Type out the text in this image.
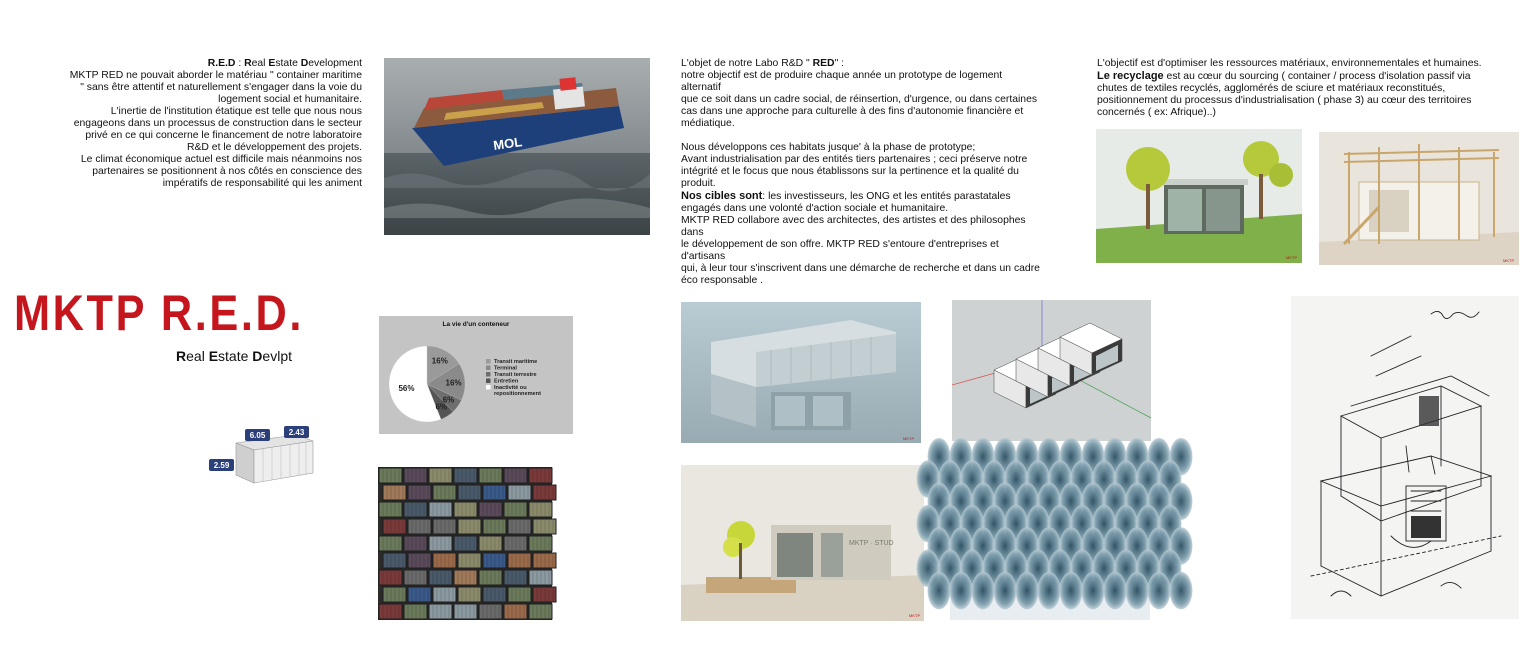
R.E.D : Real Estate Development
MKTP RED ne pouvait aborder le matériau " container maritime
" sans être attentif et naturellement s'engager dans la voie du
logement social et humanitaire.
L'inertie de l'institution étatique est telle que nous nous
engageons dans un processus de construction dans le secteur
privé en ce qui concerne le financement de notre laboratoire
R&D et le développement des projets.
Le climat économique actuel est difficile mais néanmoins nos
partenaires se positionnent à nos côtés en conscience des
impératifs de responsabilité qui les animent
L'objet de notre Labo R&D " RED" :
notre objectif est de produire chaque année un prototype de logement alternatif
que ce soit dans un cadre social, de réinsertion, d'urgence, ou dans certaines
cas dans une approche para culturelle à des fins d'autonomie financière et
médiatique.
Nous développons ces habitats jusque' à la phase de prototype;
Avant industrialisation par des entités tiers partenaires ; ceci préserve notre
intégrité et le focus que nous établissons sur la pertinence et la qualité du
produit.
Nos cibles sont: les investisseurs, les ONG et les entités parastatales
engagés dans une volonté d'action sociale et humanitaire.
MKTP RED collabore avec des architectes, des artistes et des philosophes dans
le développement de son offre. MKTP RED s'entoure d'entreprises et d'artisans
qui, à leur tour s'inscrivent dans une démarche de recherche et dans un cadre
éco responsable .
L'objectif est d'optimiser les ressources matériaux, environnementales et humaines.
Le recyclage est au cœur du sourcing ( container / process d'isolation passif via
chutes de textiles recyclés, agglomérés de sciure et matériaux reconstitués,
positionnement du processus d'industrialisation ( phase 3) au cœur des territoires
concernés ( ex: Afrique)..)
MKTP R.E.D.
Real Estate Devlpt
MOL
MKTP
MKTP
La vie d'un conteneur
16%
16%
6%
6%
56%
Transit maritime
Terminal
Transit terrestre
Entretien
Inactivité ou
repositionnement
6.05	2.43
2.59
MKTP
MKTP · STUD
MKTP
